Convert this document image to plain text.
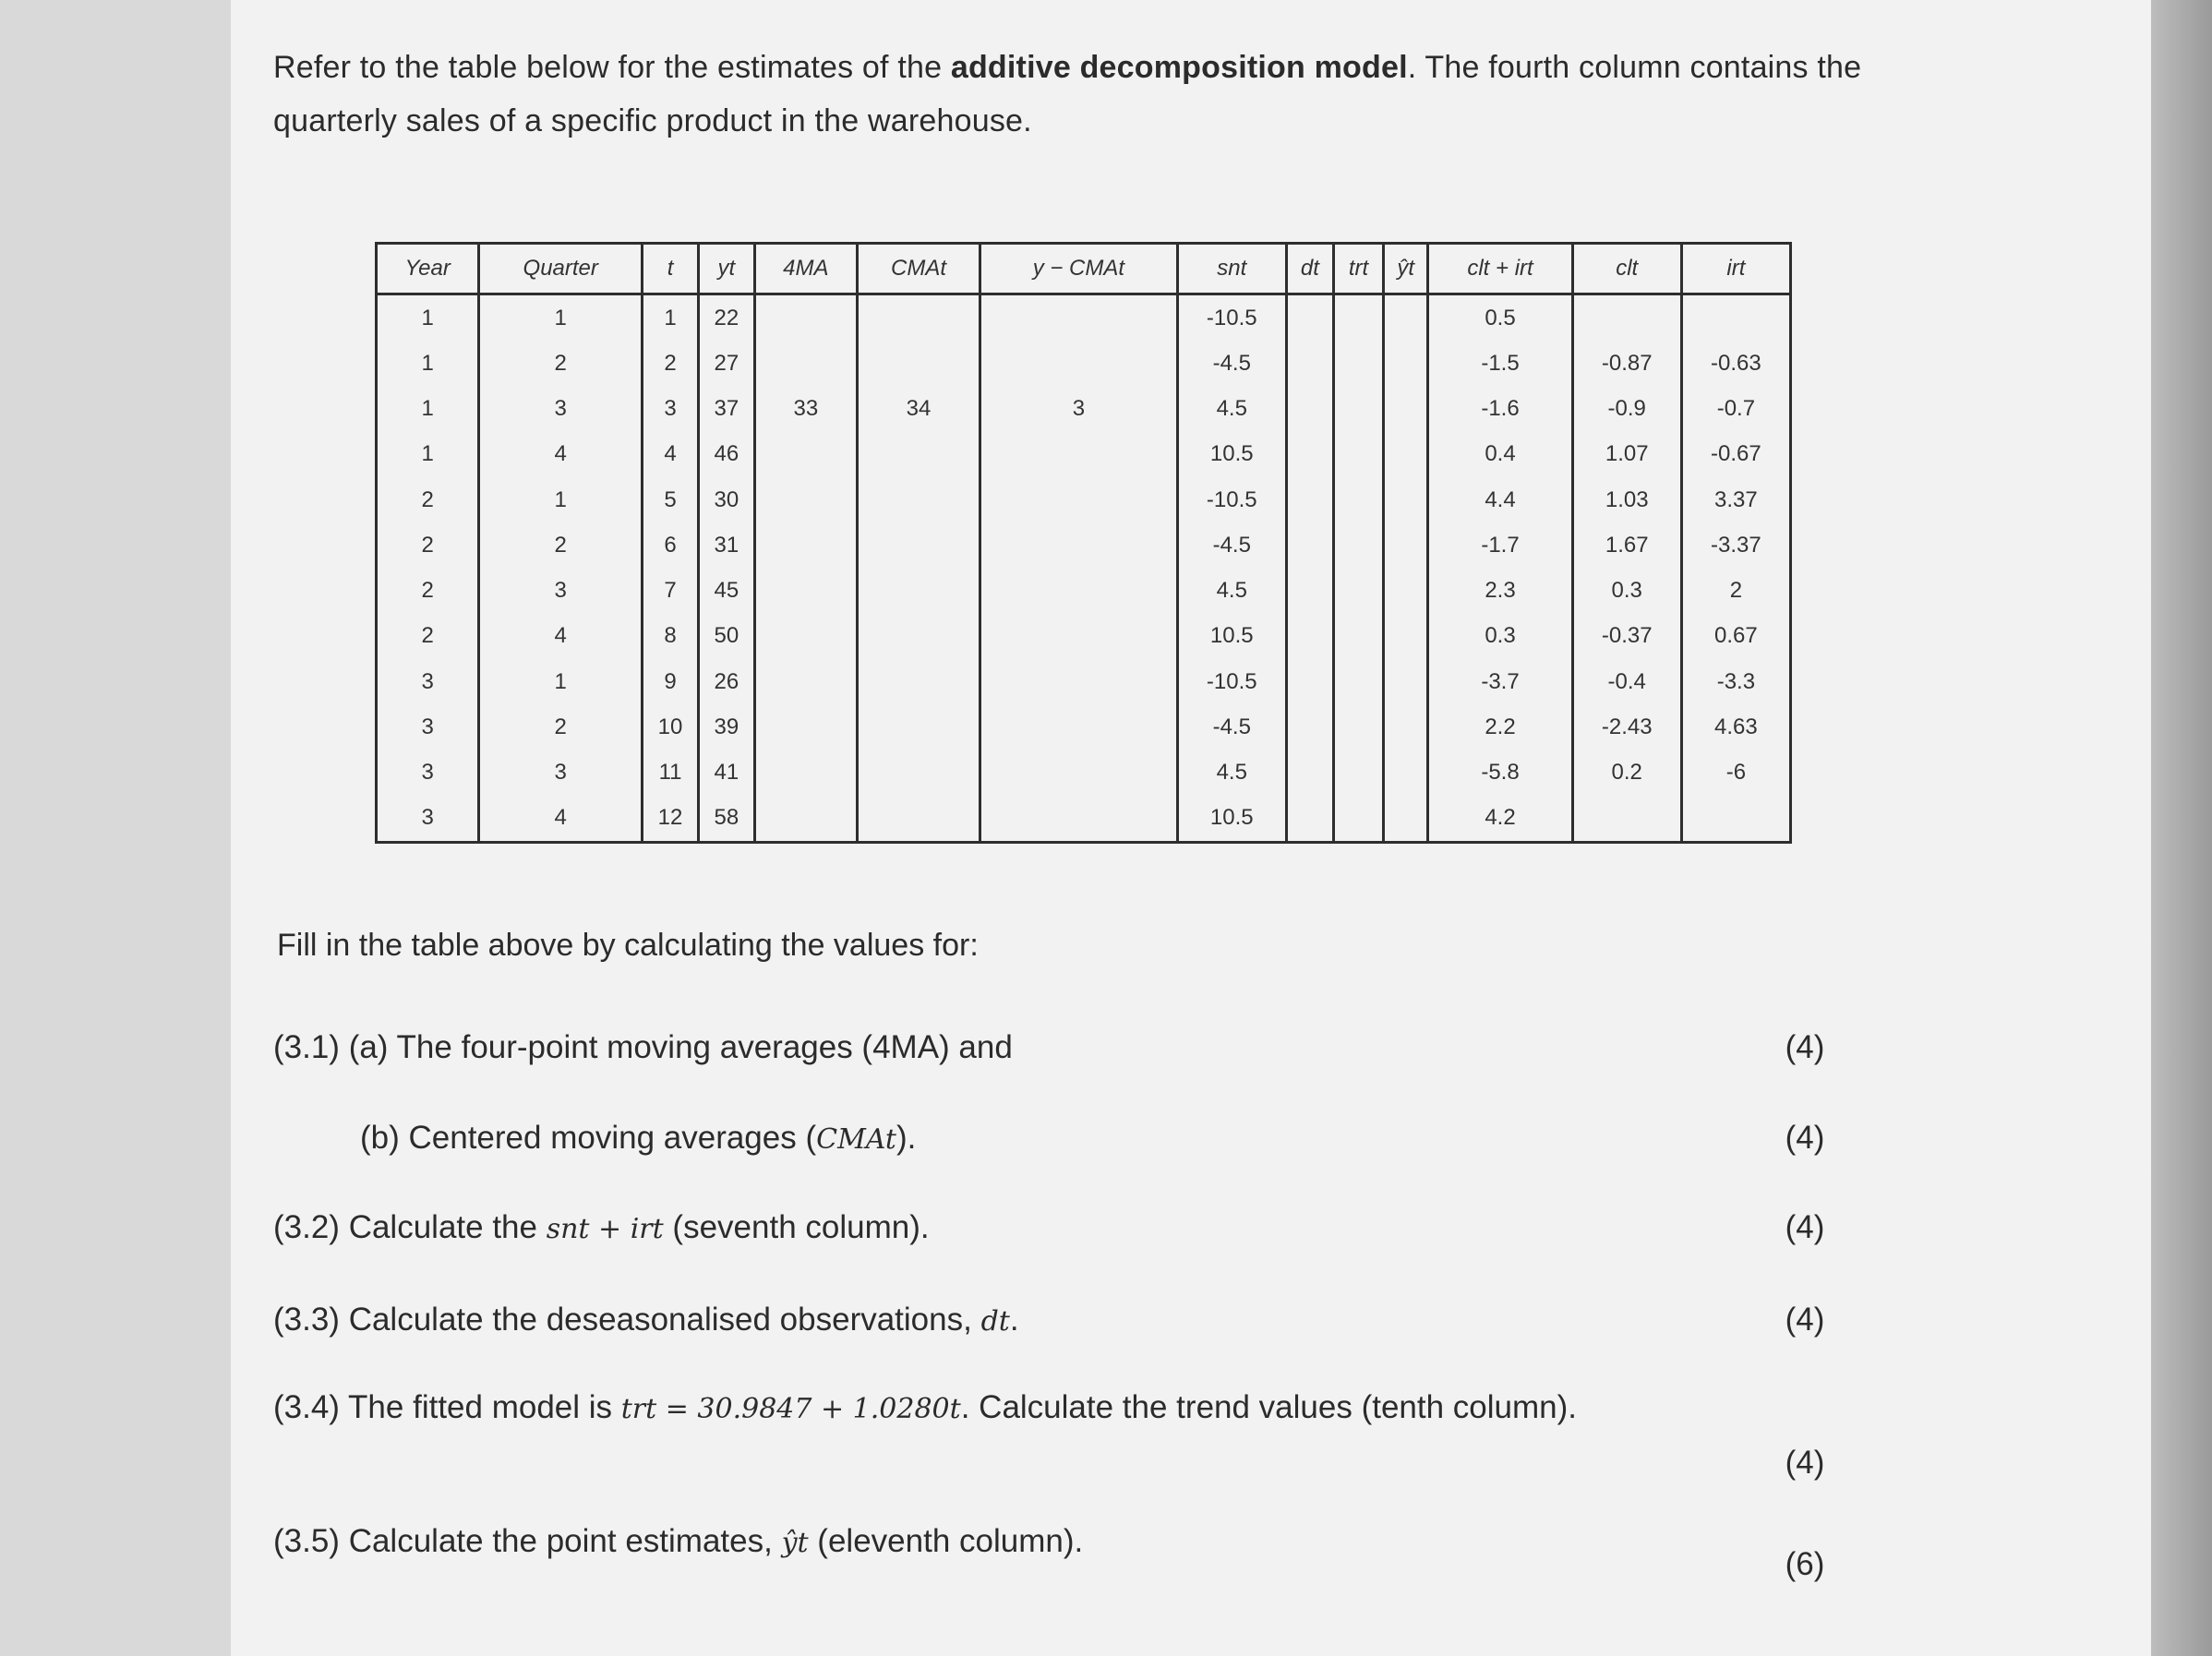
Refer to the table below for the estimates of the additive decomposition model. The fourth column contains the quarterly sales of a specific product in the warehouse.
Year	Quarter	t	yt	4MA	CMAt	y − CMAt	snt	dt	trt	ŷt	clt + irt	clt	irt
1	1	1	22				-10.5				0.5		
1	2	2	27				-4.5				-1.5	-0.87	-0.63
1	3	3	37	33	34	3	4.5				-1.6	-0.9	-0.7
1	4	4	46				10.5				0.4	1.07	-0.67
2	1	5	30				-10.5				4.4	1.03	3.37
2	2	6	31				-4.5				-1.7	1.67	-3.37
2	3	7	45				4.5				2.3	0.3	2
2	4	8	50				10.5				0.3	-0.37	0.67
3	1	9	26				-10.5				-3.7	-0.4	-3.3
3	2	10	39				-4.5				2.2	-2.43	4.63
3	3	11	41				4.5				-5.8	0.2	-6
3	4	12	58				10.5				4.2		
Fill in the table above by calculating the values for:
(3.1) (a) The four-point moving averages (4MA) and	(4)
(b) Centered moving averages (CMAt).	(4)
(3.2) Calculate the snt + irt (seventh column).	(4)
(3.3) Calculate the deseasonalised observations, dt.	(4)
(3.4) The fitted model is trt = 30.9847 + 1.0280t. Calculate the trend values (tenth column).
(4)
(3.5) Calculate the point estimates, ŷt (eleventh column).
(6)
